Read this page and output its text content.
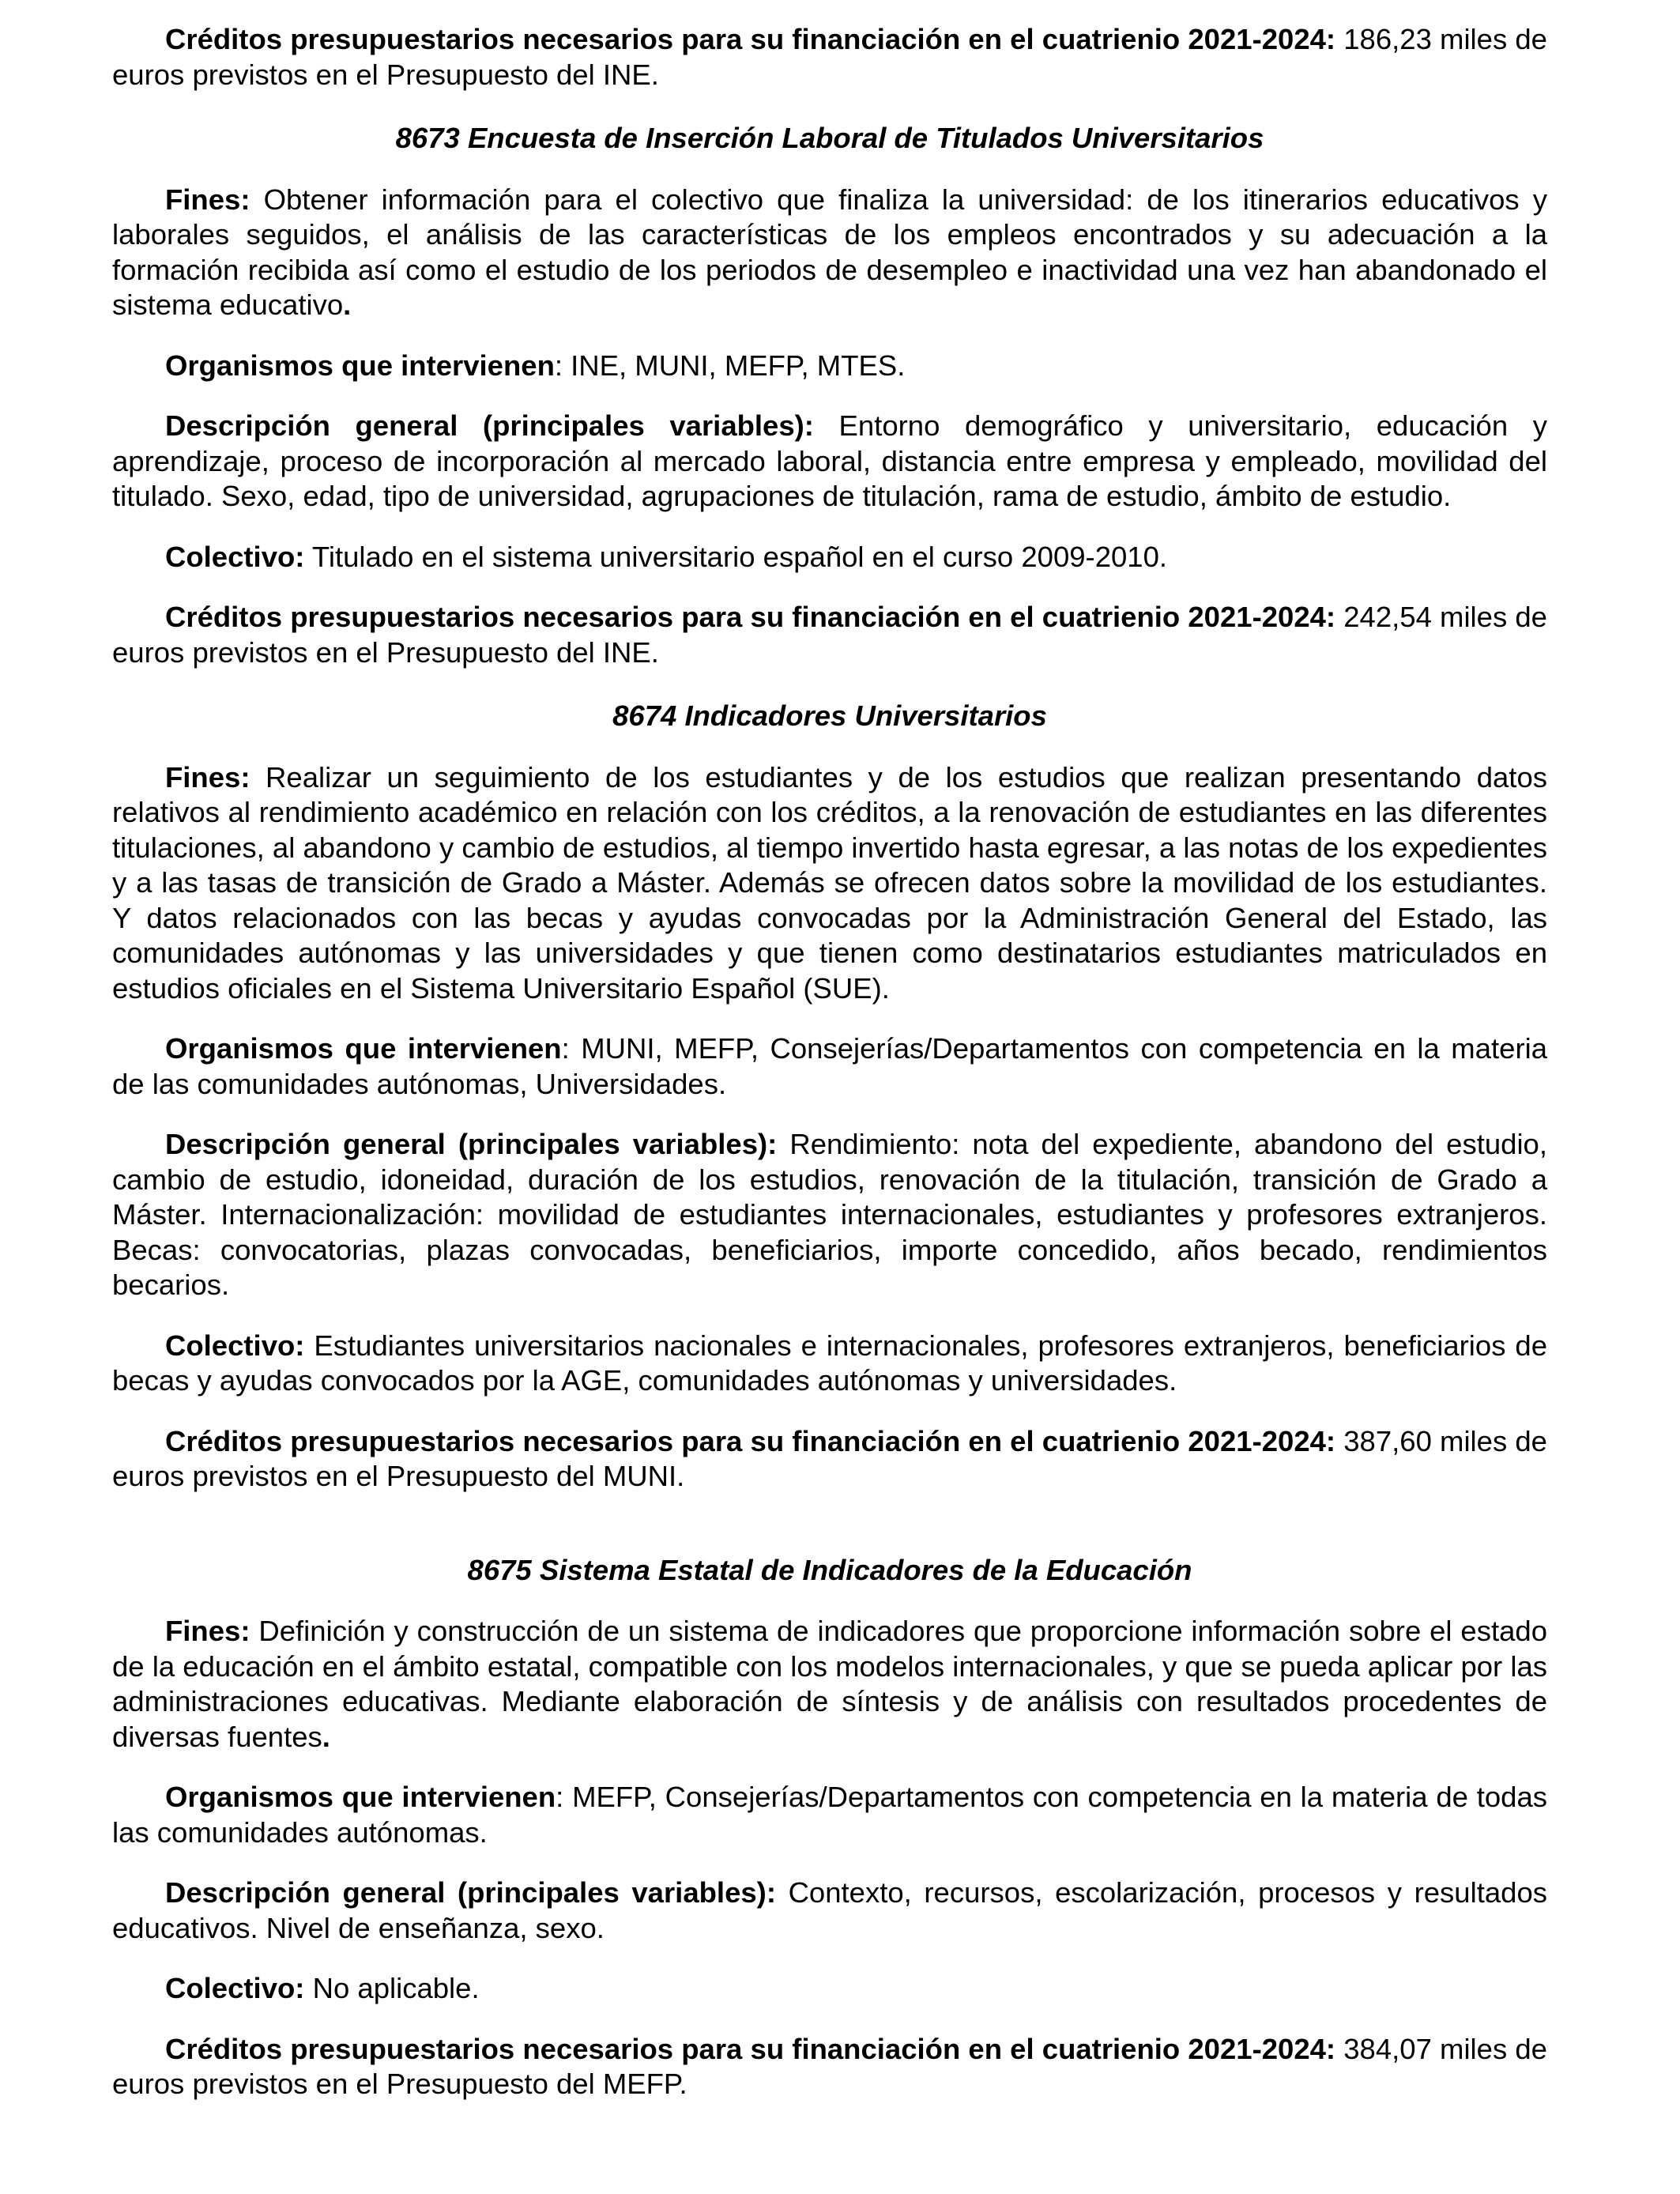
Créditos presupuestarios necesarios para su financiación en el cuatrienio 2021-2024: 186,23 miles de euros previstos en el Presupuesto del INE.

8673 Encuesta de Inserción Laboral de Titulados Universitarios

Fines: Obtener información para el colectivo que finaliza la universidad: de los itinerarios educativos y laborales seguidos, el análisis de las características de los empleos encontrados y su adecuación a la formación recibida así como el estudio de los periodos de desempleo e inactividad una vez han abandonado el sistema educativo.

Organismos que intervienen: INE, MUNI, MEFP, MTES.

Descripción general (principales variables): Entorno demográfico y universitario, educación y aprendizaje, proceso de incorporación al mercado laboral, distancia entre empresa y empleado, movilidad del titulado. Sexo, edad, tipo de universidad, agrupaciones de titulación, rama de estudio, ámbito de estudio.

Colectivo: Titulado en el sistema universitario español en el curso 2009-2010.

Créditos presupuestarios necesarios para su financiación en el cuatrienio 2021-2024: 242,54 miles de euros previstos en el Presupuesto del INE.

8674 Indicadores Universitarios

Fines: Realizar un seguimiento de los estudiantes y de los estudios que realizan presentando datos relativos al rendimiento académico en relación con los créditos, a la renovación de estudiantes en las diferentes titulaciones, al abandono y cambio de estudios, al tiempo invertido hasta egresar, a las notas de los expedientes y a las tasas de transición de Grado a Máster. Además se ofrecen datos sobre la movilidad de los estudiantes. Y datos relacionados con las becas y ayudas convocadas por la Administración General del Estado, las comunidades autónomas y las universidades y que tienen como destinatarios estudiantes matriculados en estudios oficiales en el Sistema Universitario Español (SUE).

Organismos que intervienen: MUNI, MEFP, Consejerías/Departamentos con competencia en la materia de las comunidades autónomas, Universidades.

Descripción general (principales variables): Rendimiento: nota del expediente, abandono del estudio, cambio de estudio, idoneidad, duración de los estudios, renovación de la titulación, transición de Grado a Máster. Internacionalización: movilidad de estudiantes internacionales, estudiantes y profesores extranjeros. Becas: convocatorias, plazas convocadas, beneficiarios, importe concedido, años becado, rendimientos becarios.

Colectivo: Estudiantes universitarios nacionales e internacionales, profesores extranjeros, beneficiarios de becas y ayudas convocados por la AGE, comunidades autónomas y universidades.

Créditos presupuestarios necesarios para su financiación en el cuatrienio 2021-2024: 387,60 miles de euros previstos en el Presupuesto del MUNI.

8675 Sistema Estatal de Indicadores de la Educación

Fines: Definición y construcción de un sistema de indicadores que proporcione información sobre el estado de la educación en el ámbito estatal, compatible con los modelos internacionales, y que se pueda aplicar por las administraciones educativas. Mediante elaboración de síntesis y de análisis con resultados procedentes de diversas fuentes.

Organismos que intervienen: MEFP, Consejerías/Departamentos con competencia en la materia de todas las comunidades autónomas.

Descripción general (principales variables): Contexto, recursos, escolarización, procesos y resultados educativos. Nivel de enseñanza, sexo.

Colectivo: No aplicable.

Créditos presupuestarios necesarios para su financiación en el cuatrienio 2021-2024: 384,07 miles de euros previstos en el Presupuesto del MEFP.
